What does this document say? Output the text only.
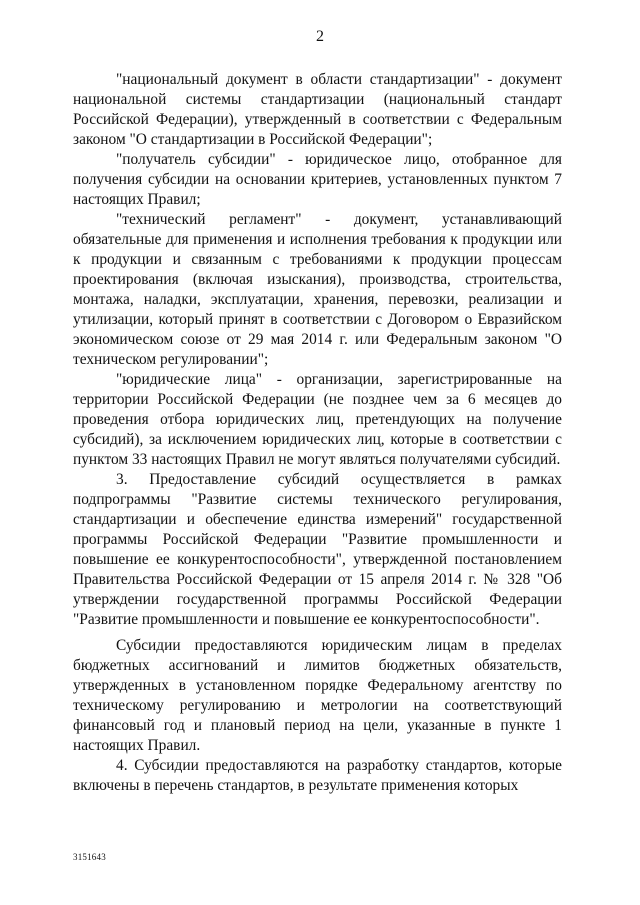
2

"национальный документ в области стандартизации" - документ национальной системы стандартизации (национальный стандарт Российской Федерации), утвержденный в соответствии с Федеральным законом "О стандартизации в Российской Федерации";

"получатель субсидии" - юридическое лицо, отобранное для получения субсидии на основании критериев, установленных пунктом 7 настоящих Правил;

"технический регламент" - документ, устанавливающий обязательные для применения и исполнения требования к продукции или к продукции и связанным с требованиями к продукции процессам проектирования (включая изыскания), производства, строительства, монтажа, наладки, эксплуатации, хранения, перевозки, реализации и утилизации, который принят в соответствии с Договором о Евразийском экономическом союзе от 29 мая 2014 г. или Федеральным законом "О техническом регулировании";

"юридические лица" - организации, зарегистрированные на территории Российской Федерации (не позднее чем за 6 месяцев до проведения отбора юридических лиц, претендующих на получение субсидий), за исключением юридических лиц, которые в соответствии с пунктом 33 настоящих Правил не могут являться получателями субсидий.

3. Предоставление субсидий осуществляется в рамках подпрограммы "Развитие системы технического регулирования, стандартизации и обеспечение единства измерений" государственной программы Российской Федерации "Развитие промышленности и повышение ее конкурентоспособности", утвержденной постановлением Правительства Российской Федерации от 15 апреля 2014 г. № 328 "Об утверждении государственной программы Российской Федерации "Развитие промышленности и повышение ее конкурентоспособности".

Субсидии предоставляются юридическим лицам в пределах бюджетных ассигнований и лимитов бюджетных обязательств, утвержденных в установленном порядке Федеральному агентству по техническому регулированию и метрологии на соответствующий финансовый год и плановый период на цели, указанные в пункте 1 настоящих Правил.

4. Субсидии предоставляются на разработку стандартов, которые включены в перечень стандартов, в результате применения которых

3151643
